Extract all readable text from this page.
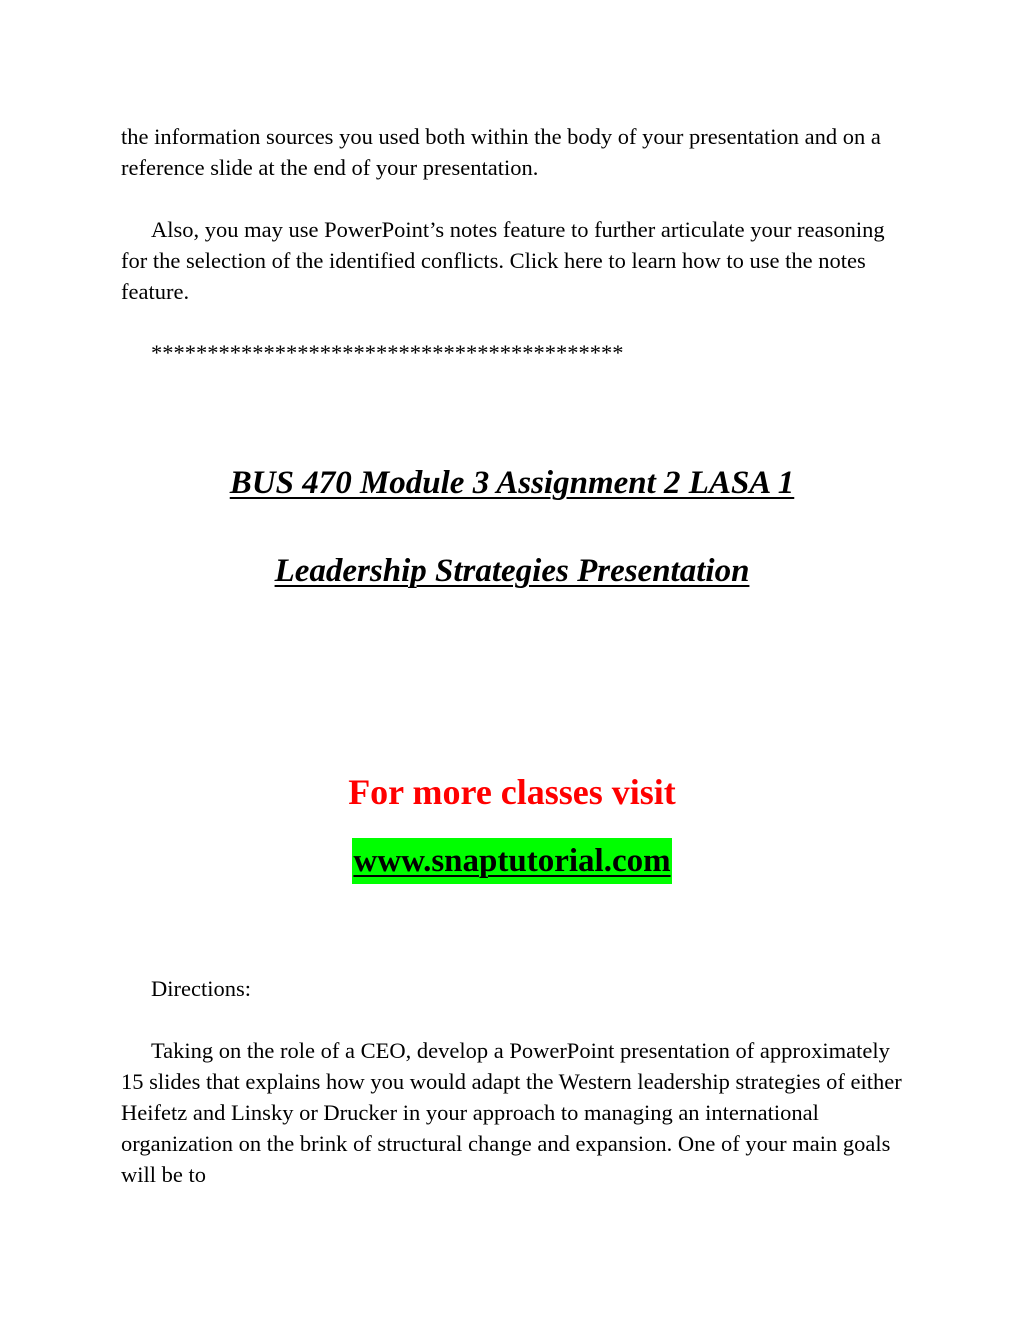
the information sources you used both within the body of your presentation and on a reference slide at the end of your presentation.

Also, you may use PowerPoint’s notes feature to further articulate your reasoning for the selection of the identified conflicts. Click here to learn how to use the notes feature.

******************************************

BUS 470 Module 3 Assignment 2 LASA 1
Leadership Strategies Presentation

For more classes visit

www.snaptutorial.com

Directions:

Taking on the role of a CEO, develop a PowerPoint presentation of approximately 15 slides that explains how you would adapt the Western leadership strategies of either Heifetz and Linsky or Drucker in your approach to managing an international organization on the brink of structural change and expansion. One of your main goals will be to
